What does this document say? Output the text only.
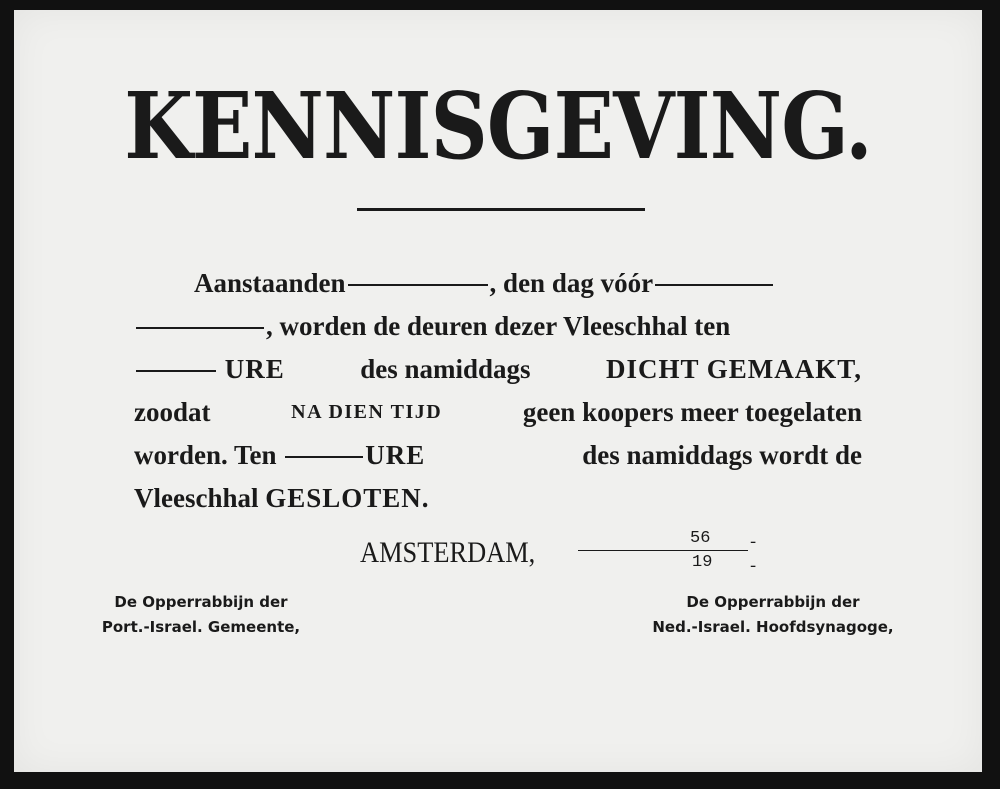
KENNISGEVING.
Aanstaanden	, den dag vóór
, worden de deuren dezer Vleeschhal ten
URE	des namiddags	DICHT GEMAAKT,
zoodat	NA DIEN TIJD	geen koopers meer toegelaten
worden. Ten	URE	des namiddags wordt de
Vleeschhal GESLOTEN.
AMSTERDAM,	56
19
-
-
De Opperrabbijn der
Port.-Israel. Gemeente,
De Opperrabbijn der
Ned.-Israel. Hoofdsynagoge,
